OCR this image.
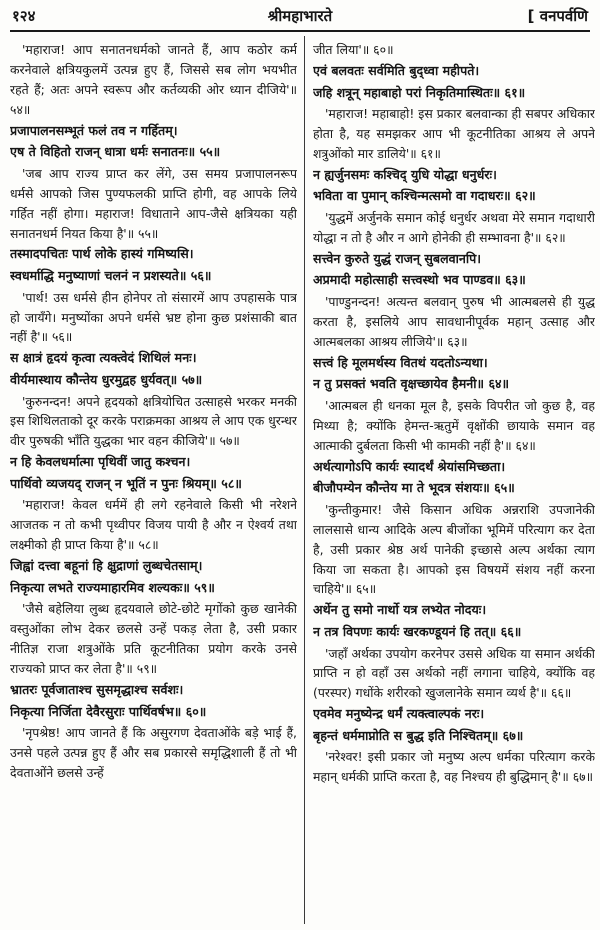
१२४	श्रीमहाभारते	[ वनपर्वणि
'महाराज! आप सनातनधर्मको जानते हैं, आप कठोर कर्म करनेवाले क्षत्रियकुलमें उत्पन्न हुए हैं, जिससे सब लोग भयभीत रहते हैं; अतः अपने स्वरूप और कर्तव्यकी ओर ध्यान दीजिये'॥ ५४॥
प्रजापालनसम्भूतं फलं तव न गर्हितम्।
एष ते विहितो राजन् धात्रा धर्मः सनातनः॥ ५५॥
'जब आप राज्य प्राप्त कर लेंगे, उस समय प्रजापालनरूप धर्मसे आपको जिस पुण्यफलकी प्राप्ति होगी, वह आपके लिये गर्हित नहीं होगा। महाराज! विधाताने आप-जैसे क्षत्रियका यही सनातनधर्म नियत किया है'॥ ५५॥
तस्मादपचितः पार्थ लोके हास्यं गमिष्यसि।
स्वधर्माद्धि मनुष्याणां चलनं न प्रशस्यते॥ ५६॥
'पार्थ! उस धर्मसे हीन होनेपर तो संसारमें आप उपहासके पात्र हो जायँगे। मनुष्योंका अपने धर्मसे भ्रष्ट होना कुछ प्रशंसाकी बात नहीं है'॥ ५६॥
स क्षात्रं हृदयं कृत्वा त्यक्त्वेदं शिथिलं मनः।
वीर्यमास्थाय कौन्तेय धुरमुद्वह धुर्यवत्॥ ५७॥
'कुरुनन्दन! अपने हृदयको क्षत्रियोचित उत्साहसे भरकर मनकी इस शिथिलताको दूर करके पराक्रमका आश्रय ले आप एक धुरन्धर वीर पुरुषकी भाँति युद्धका भार वहन कीजिये'॥ ५७॥
न हि केवलधर्मात्मा पृथिवीं जातु कश्चन।
पार्थिवो व्यजयद् राजन् न भूतिं न पुनः श्रियम्॥ ५८॥
'महाराज! केवल धर्ममें ही लगे रहनेवाले किसी भी नरेशने आजतक न तो कभी पृथ्वीपर विजय पायी है और न ऐश्वर्य तथा लक्ष्मीको ही प्राप्त किया है'॥ ५८॥
जिह्वां दत्त्वा बहूनां हि क्षुद्राणां लुब्धचेतसाम्।
निकृत्या लभते राज्यमाहारमिव शल्यकः॥ ५९॥
'जैसे बहेलिया लुब्ध हृदयवाले छोटे-छोटे मृगोंको कुछ खानेकी वस्तुओंका लोभ देकर छलसे उन्हें पकड़ लेता है, उसी प्रकार नीतिज्ञ राजा शत्रुओंके प्रति कूटनीतिका प्रयोग करके उनसे राज्यको प्राप्त कर लेता है'॥ ५९॥
भ्रातरः पूर्वजाताश्च सुसमृद्धाश्च सर्वशः।
निकृत्या निर्जिता देवैरसुराः पार्थिवर्षभ॥ ६०॥
'नृपश्रेष्ठ! आप जानते हैं कि असुरगण देवताओंके बड़े भाई हैं, उनसे पहले उत्पन्न हुए हैं और सब प्रकारसे समृद्धिशाली हैं तो भी देवताओंने छलसे उन्हें
जीत लिया'॥ ६०॥
एवं बलवतः सर्वमिति बुद्ध्वा महीपते।
जहि शत्रून् महाबाहो परां निकृतिमास्थितः॥ ६१॥
'महाराज! महाबाहो! इस प्रकार बलवान्का ही सबपर अधिकार होता है, यह समझकर आप भी कूटनीतिका आश्रय ले अपने शत्रुओंको मार डालिये'॥ ६१॥
न ह्यर्जुनसमः कश्चिद् युधि योद्धा धनुर्धरः।
भविता वा पुमान् कश्चिन्मत्समो वा गदाधरः॥ ६२॥
'युद्धमें अर्जुनके समान कोई धनुर्धर अथवा मेरे समान गदाधारी योद्धा न तो है और न आगे होनेकी ही सम्भावना है'॥ ६२॥
सत्त्वेन कुरुते युद्धं राजन् सुबलवानपि।
अप्रमादी महोत्साही सत्त्वस्थो भव पाण्डव॥ ६३॥
'पाण्डुनन्दन! अत्यन्त बलवान् पुरुष भी आत्मबलसे ही युद्ध करता है, इसलिये आप सावधानीपूर्वक महान् उत्साह और आत्मबलका आश्रय लीजिये'॥ ६३॥
सत्त्वं हि मूलमर्थस्य वितथं यदतोऽन्यथा।
न तु प्रसक्तं भवति वृक्षच्छायेव हैमनी॥ ६४॥
'आत्मबल ही धनका मूल है, इसके विपरीत जो कुछ है, वह मिथ्या है; क्योंकि हेमन्त-ऋतुमें वृक्षोंकी छायाके समान वह आत्माकी दुर्बलता किसी भी कामकी नहीं है'॥ ६४॥
अर्थत्यागोऽपि कार्यः स्यादर्थं श्रेयांसमिच्छता।
बीजौपम्येन कौन्तेय मा ते भूदत्र संशयः॥ ६५॥
'कुन्तीकुमार! जैसे किसान अधिक अन्नराशि उपजानेकी लालसासे धान्य आदिके अल्प बीजोंका भूमिमें परित्याग कर देता है, उसी प्रकार श्रेष्ठ अर्थ पानेकी इच्छासे अल्प अर्थका त्याग किया जा सकता है। आपको इस विषयमें संशय नहीं करना चाहिये'॥ ६५॥
अर्थेन तु समो नार्थो यत्र लभ्येत नोदयः।
न तत्र विपणः कार्यः खरकण्डूयनं हि तत्॥ ६६॥
'जहाँ अर्थका उपयोग करनेपर उससे अधिक या समान अर्थकी प्राप्ति न हो वहाँ उस अर्थको नहीं लगाना चाहिये, क्योंकि वह (परस्पर) गधोंके शरीरको खुजलानेके समान व्यर्थ है'॥ ६६॥
एवमेव मनुष्येन्द्र धर्मं त्यक्त्वाल्पकं नरः।
बृहन्तं धर्ममाप्नोति स बुद्ध इति निश्चितम्॥ ६७॥
'नरेश्वर! इसी प्रकार जो मनुष्य अल्प धर्मका परित्याग करके महान् धर्मकी प्राप्ति करता है, वह निश्चय ही बुद्धिमान् है'॥ ६७॥
